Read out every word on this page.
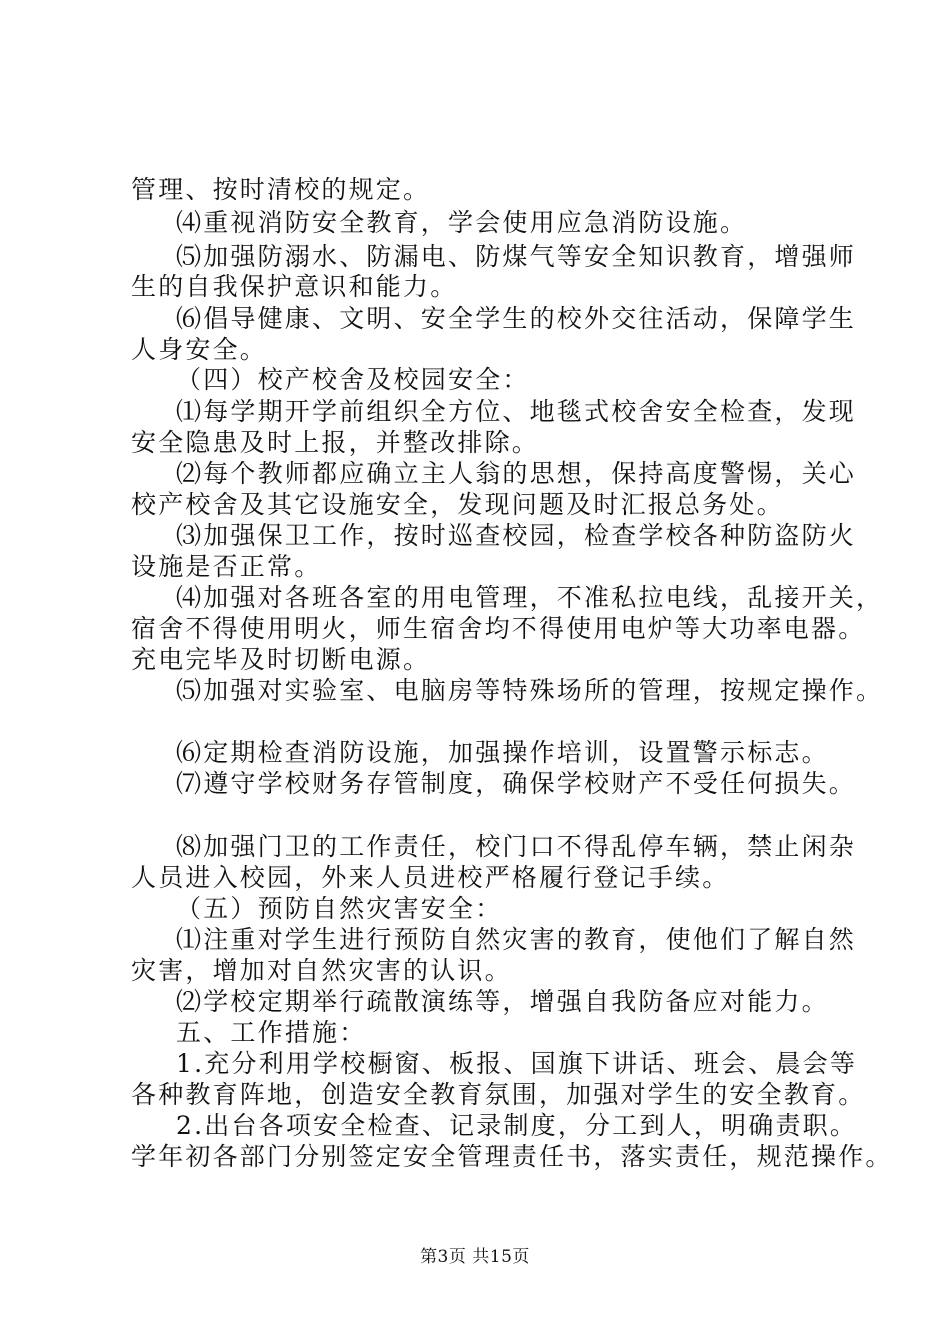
管理、按时清校的规定。
⑷重视消防安全教育，学会使用应急消防设施。
⑸加强防溺水、防漏电、防煤气等安全知识教育，增强师
生的自我保护意识和能力。
⑹倡导健康、文明、安全学生的校外交往活动，保障学生
人身安全。
（四）校产校舍及校园安全：
⑴每学期开学前组织全方位、地毯式校舍安全检查，发现
安全隐患及时上报，并整改排除。
⑵每个教师都应确立主人翁的思想，保持高度警惕，关心
校产校舍及其它设施安全，发现问题及时汇报总务处。
⑶加强保卫工作，按时巡查校园，检查学校各种防盗防火
设施是否正常。
⑷加强对各班各室的用电管理，不准私拉电线，乱接开关，
宿舍不得使用明火，师生宿舍均不得使用电炉等大功率电器。
充电完毕及时切断电源。
⑸加强对实验室、电脑房等特殊场所的管理，按规定操作。
⑹定期检查消防设施，加强操作培训，设置警示标志。
⑺遵守学校财务存管制度，确保学校财产不受任何损失。
⑻加强门卫的工作责任，校门口不得乱停车辆，禁止闲杂
人员进入校园，外来人员进校严格履行登记手续。
（五）预防自然灾害安全：
⑴注重对学生进行预防自然灾害的教育，使他们了解自然
灾害，增加对自然灾害的认识。
⑵学校定期举行疏散演练等，增强自我防备应对能力。
五、工作措施：
1.充分利用学校橱窗、板报、国旗下讲话、班会、晨会等
各种教育阵地，创造安全教育氛围，加强对学生的安全教育。
2.出台各项安全检查、记录制度，分工到人，明确责职。
学年初各部门分别签定安全管理责任书，落实责任，规范操作。
第3页 共15页
